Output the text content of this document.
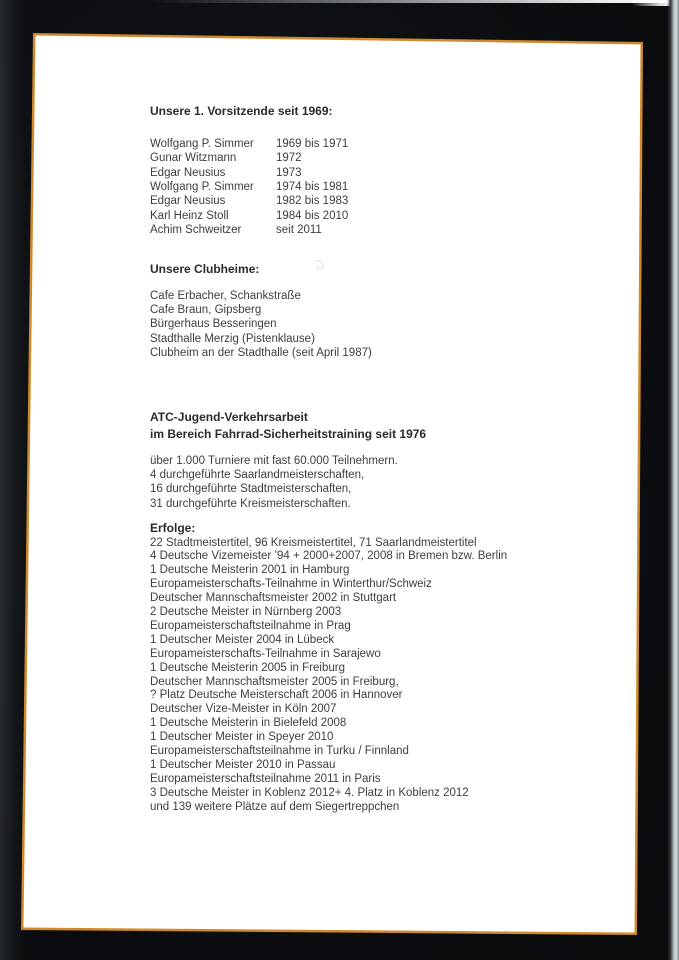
Unsere 1. Vorsitzende seit 1969:
Wolfgang P. Simmer	1969 bis 1971
Gunar Witzmann	1972
Edgar Neusius	1973
Wolfgang P. Simmer	1974 bis 1981
Edgar Neusius	1982 bis 1983
Karl Heinz Stoll	1984 bis 2010
Achim Schweitzer	seit 2011
Unsere Clubheime:
Cafe Erbacher, Schankstraße
Cafe Braun, Gipsberg
Bürgerhaus Besseringen
Stadthalle Merzig (Pistenklause)
Clubheim an der Stadthalle (seit April 1987)
ATC-Jugend-Verkehrsarbeit
im Bereich Fahrrad-Sicherheitstraining seit 1976
über 1.000 Turniere mit fast 60.000 Teilnehmern.
4 durchgeführte Saarlandmeisterschaften,
16 durchgeführte Stadtmeisterschaften,
31 durchgeführte Kreismeisterschaften.
Erfolge:
22 Stadtmeistertitel, 96 Kreismeistertitel, 71 Saarlandmeistertitel
4 Deutsche Vizemeister ’94 + 2000+2007, 2008 in Bremen bzw. Berlin
1 Deutsche Meisterin 2001 in Hamburg
Europameisterschafts-Teilnahme in Winterthur/Schweiz
Deutscher Mannschaftsmeister 2002 in Stuttgart
2 Deutsche Meister in Nürnberg 2003
Europameisterschaftsteilnahme in Prag
1 Deutscher Meister 2004 in Lübeck
Europameisterschafts-Teilnahme in Sarajewo
1 Deutsche Meisterin 2005 in Freiburg
Deutscher Mannschaftsmeister 2005 in Freiburg,
? Platz Deutsche Meisterschaft 2006 in Hannover
Deutscher Vize-Meister in Köln 2007
1 Deutsche Meisterin in Bielefeld 2008
1 Deutscher Meister in Speyer 2010
Europameisterschaftsteilnahme in Turku / Finnland
1 Deutscher Meister 2010 in Passau
Europameisterschaftsteilnahme 2011 in Paris
3 Deutsche Meister in Koblenz 2012+ 4. Platz in Koblenz 2012
und 139 weitere Plätze auf dem Siegertreppchen
